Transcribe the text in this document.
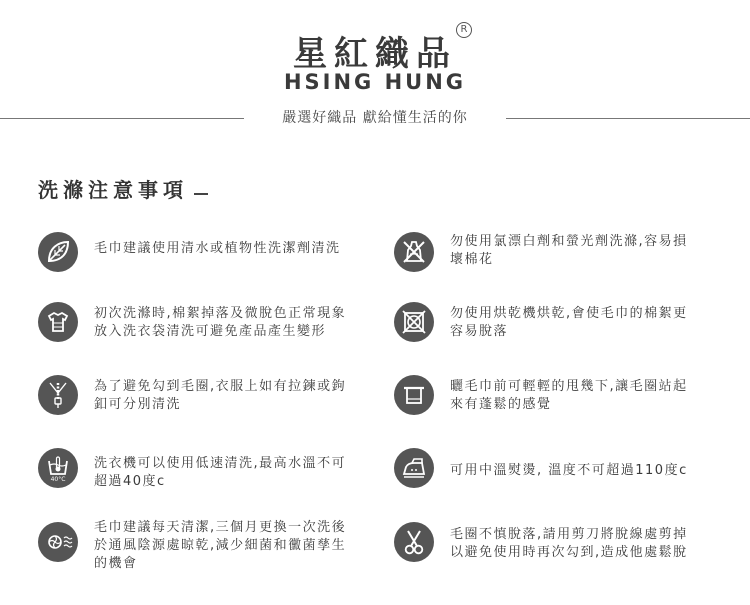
星紅織品
R
HSING HUNG
嚴選好織品 獻給懂生活的你
洗滌注意事項
毛巾建議使用清水或植物性洗潔劑清洗	勿使用氯漂白劑和螢光劑洗滌,容易損
壞棉花
初次洗滌時,棉絮掉落及微脫色正常現象
放入洗衣袋清洗可避免產品產生變形
勿使用烘乾機烘乾,會使毛巾的棉絮更
容易脫落
為了避免勾到毛圈,衣服上如有拉鍊或鉤
釦可分別清洗
曬毛巾前可輕輕的甩幾下,讓毛圈站起
來有蓬鬆的感覺
40°C
洗衣機可以使用低速清洗,最高水溫不可
超過40度c
可用中溫熨燙, 溫度不可超過110度c
毛巾建議每天清潔,三個月更換一次洗後
於通風陰源處晾乾,減少細菌和黴菌孳生
的機會
毛圈不慎脫落,請用剪刀將脫線處剪掉
以避免使用時再次勾到,造成他處鬆脫
